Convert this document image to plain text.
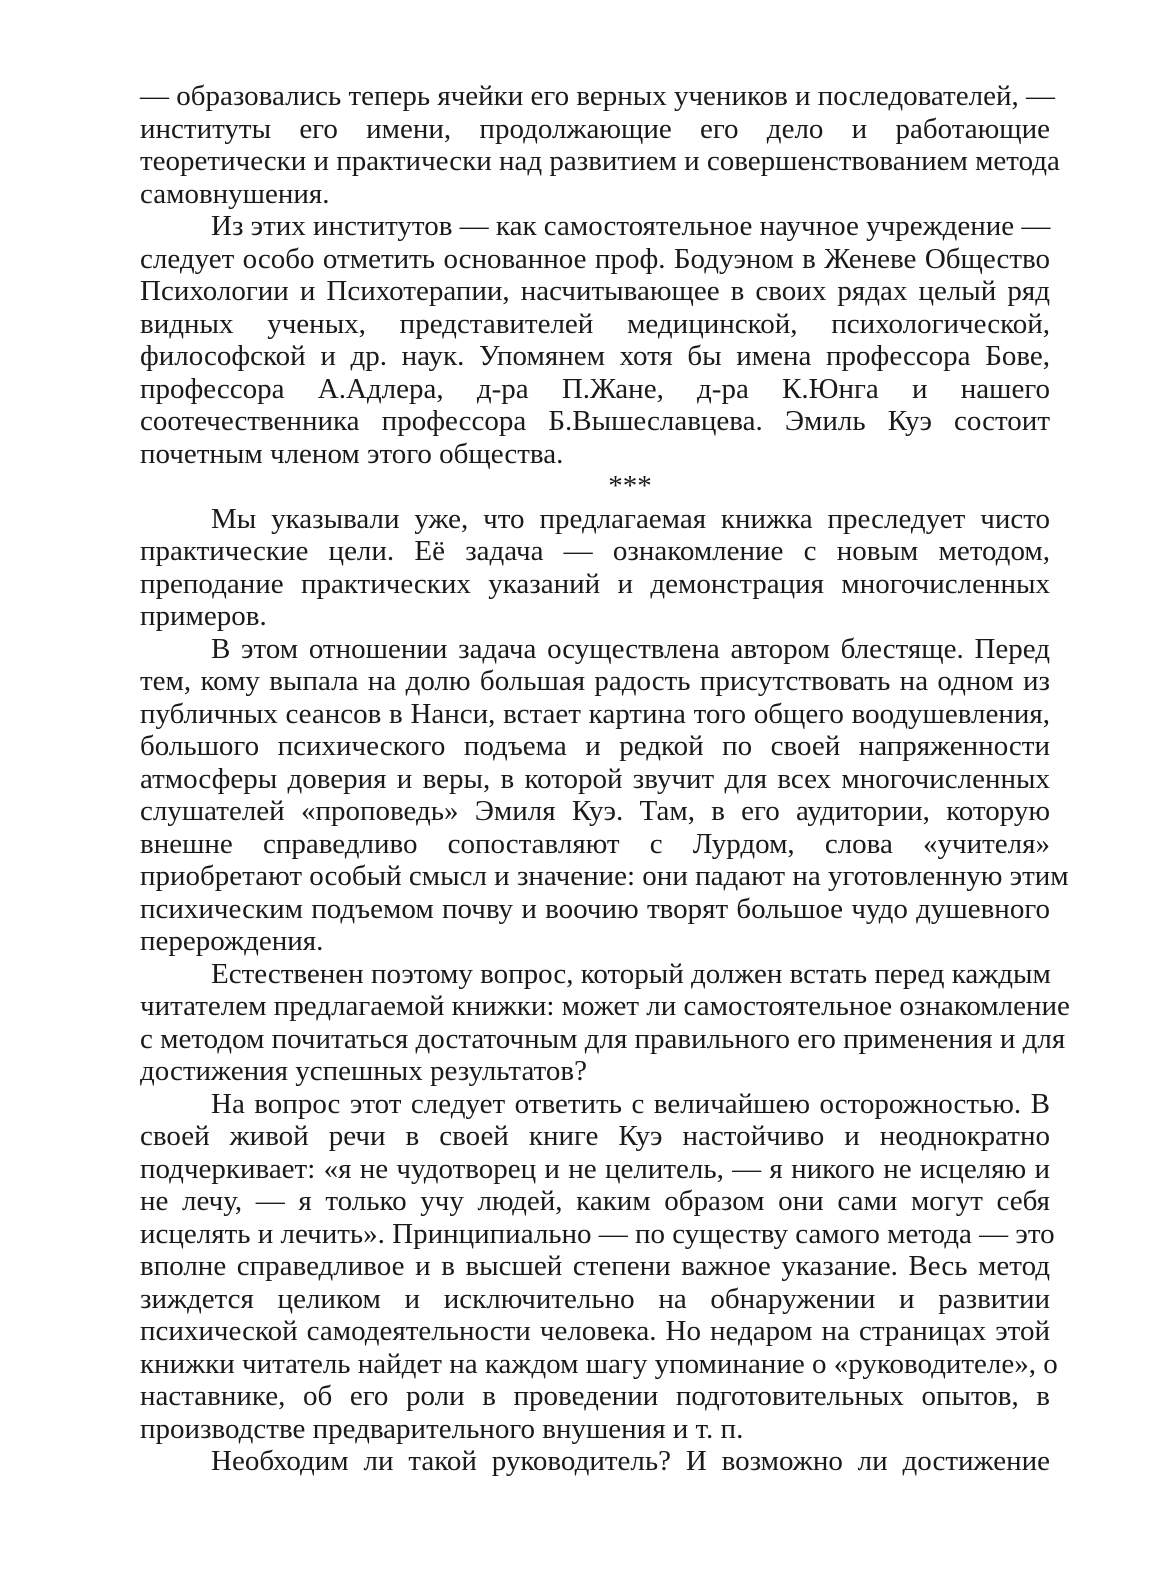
— образовались теперь ячейки его верных учеников и последователей, —
институты его имени, продолжающие его дело и работающие
теоретически и практически над развитием и совершенствованием метода
самовнушения.
Из этих институтов — как самостоятельное научное учреждение —
следует особо отметить основанное проф. Бодуэном в Женеве Общество
Психологии и Психотерапии, насчитывающее в своих рядах целый ряд
видных ученых, представителей медицинской, психологической,
философской и др. наук. Упомянем хотя бы имена профессора Бове,
профессора А.Адлера, д-ра П.Жане, д-ра К.Юнга и нашего
соотечественника профессора Б.Вышеславцева. Эмиль Куэ состоит
почетным членом этого общества.
***
Мы указывали уже, что предлагаемая книжка преследует чисто
практические цели. Её задача — ознакомление с новым методом,
преподание практических указаний и демонстрация многочисленных
примеров.
В этом отношении задача осуществлена автором блестяще. Перед
тем, кому выпала на долю большая радость присутствовать на одном из
публичных сеансов в Нанси, встает картина того общего воодушевления,
большого психического подъема и редкой по своей напряженности
атмосферы доверия и веры, в которой звучит для всех многочисленных
слушателей «проповедь» Эмиля Куэ. Там, в его аудитории, которую
внешне справедливо сопоставляют с Лурдом, слова «учителя»
приобретают особый смысл и значение: они падают на уготовленную этим
психическим подъемом почву и воочию творят большое чудо душевного
перерождения.
Естественен поэтому вопрос, который должен встать перед каждым
читателем предлагаемой книжки: может ли самостоятельное ознакомление
с методом почитаться достаточным для правильного его применения и для
достижения успешных результатов?
На вопрос этот следует ответить с величайшею осторожностью. В
своей живой речи в своей книге Куэ настойчиво и неоднократно
подчеркивает: «я не чудотворец и не целитель, — я никого не исцеляю и
не лечу, — я только учу людей, каким образом они сами могут себя
исцелять и лечить». Принципиально — по существу самого метода — это
вполне справедливое и в высшей степени важное указание. Весь метод
зиждется целиком и исключительно на обнаружении и развитии
психической самодеятельности человека. Но недаром на страницах этой
книжки читатель найдет на каждом шагу упоминание о «руководителе», о
наставнике, об его роли в проведении подготовительных опытов, в
производстве предварительного внушения и т. п.
Необходим ли такой руководитель? И возможно ли достижение
